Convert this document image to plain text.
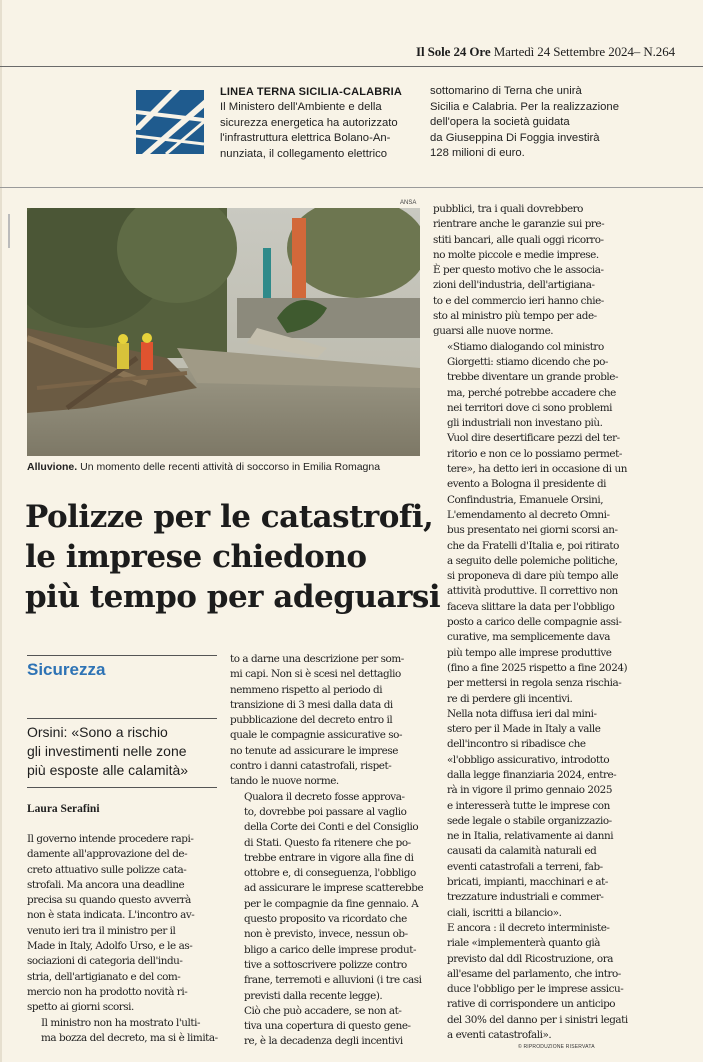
Il Sole 24 Ore Martedì 24 Settembre 2024– N.264
LINEA TERNA SICILIA-CALABRIA
Il Ministero dell'Ambiente e della
sicurezza energetica ha autorizzato
l'infrastruttura elettrica Bolano-An-
nunziata, il collegamento elettrico
sottomarino di Terna che unirà
Sicilia e Calabria. Per la realizzazione
dell'opera la società guidata
da Giuseppina Di Foggia investirà
128 milioni di euro.
ANSA
Alluvione. Un momento delle recenti attività di soccorso in Emilia Romagna
Polizze per le catastrofi,
le imprese chiedono
più tempo per adeguarsi
Sicurezza
Orsini: «Sono a rischio
gli investimenti nelle zone
più esposte alle calamità»
Laura Serafini

Il governo intende procedere rapi-
damente all'approvazione del de-
creto attuativo sulle polizze cata-
strofali. Ma ancora una deadline
precisa su quando questo avverrà
non è stata indicata. L'incontro av-
venuto ieri tra il ministro per il
Made in Italy, Adolfo Urso, e le as-
sociazioni di categoria dell'indu-
stria, dell'artigianato e del com-
mercio non ha prodotto novità ri-
spetto ai giorni scorsi.

Il ministro non ha mostrato l'ulti-
ma bozza del decreto, ma si è limita-

to a darne una descrizione per som-
mi capi. Non si è scesi nel dettaglio
nemmeno rispetto al periodo di
transizione di 3 mesi dalla data di
pubblicazione del decreto entro il
quale le compagnie assicurative so-
no tenute ad assicurare le imprese
contro i danni catastrofali, rispet-
tando le nuove norme.

Qualora il decreto fosse approva-
to, dovrebbe poi passare al vaglio
della Corte dei Conti e del Consiglio
di Stati. Questo fa ritenere che po-
trebbe entrare in vigore alla fine di
ottobre e, di conseguenza, l'obbligo
ad assicurare le imprese scatterebbe
per le compagnie da fine gennaio. A
questo proposito va ricordato che
non è previsto, invece, nessun ob-
bligo a carico delle imprese produt-
tive a sottoscrivere polizze contro
frane, terremoti e alluvioni (i tre casi
previsti dalla recente legge).

Ciò che può accadere, se non at-
tiva una copertura di questo gene-
re, è la decadenza degli incentivi

pubblici, tra i quali dovrebbero
rientrare anche le garanzie sui pre-
stiti bancari, alle quali oggi ricorro-
no molte piccole e medie imprese.
È per questo motivo che le associa-
zioni dell'industria, dell'artigiana-
to e del commercio ieri hanno chie-
sto al ministro più tempo per ade-
guarsi alle nuove norme.

«Stiamo dialogando col ministro
Giorgetti: stiamo dicendo che po-
trebbe diventare un grande proble-
ma, perché potrebbe accadere che
nei territori dove ci sono problemi
gli industriali non investano più.
Vuol dire desertificare pezzi del ter-
ritorio e non ce lo possiamo permet-
tere», ha detto ieri in occasione di un
evento a Bologna il presidente di
Confindustria, Emanuele Orsini,
L'emendamento al decreto Omni-
bus presentato nei giorni scorsi an-
che da Fratelli d'Italia e, poi ritirato
a seguito delle polemiche politiche,
si proponeva di dare più tempo alle
attività produttive. Il correttivo non
faceva slittare la data per l'obbligo
posto a carico delle compagnie assi-
curative, ma semplicemente dava
più tempo alle imprese produttive
(fino a fine 2025 rispetto a fine 2024)
per mettersi in regola senza rischia-
re di perdere gli incentivi.

Nella nota diffusa ieri dal mini-
stero per il Made in Italy a valle
dell'incontro si ribadisce che
«l'obbligo assicurativo, introdotto
dalla legge finanziaria 2024, entre-
rà in vigore il primo gennaio 2025
e interesserà tutte le imprese con
sede legale o stabile organizzazio-
ne in Italia, relativamente ai danni
causati da calamità naturali ed
eventi catastrofali a terreni, fab-
bricati, impianti, macchinari e at-
trezzature industriali e commer-
ciali, iscritti a bilancio».

E ancora : il decreto interministe-
riale «implementerà quanto già
previsto dal ddl Ricostruzione, ora
all'esame del parlamento, che intro-
duce l'obbligo per le imprese assicu-
rative di corrispondere un anticipo
del 30% del danno per i sinistri legati
a eventi catastrofali».

© RIPRODUZIONE RISERVATA
